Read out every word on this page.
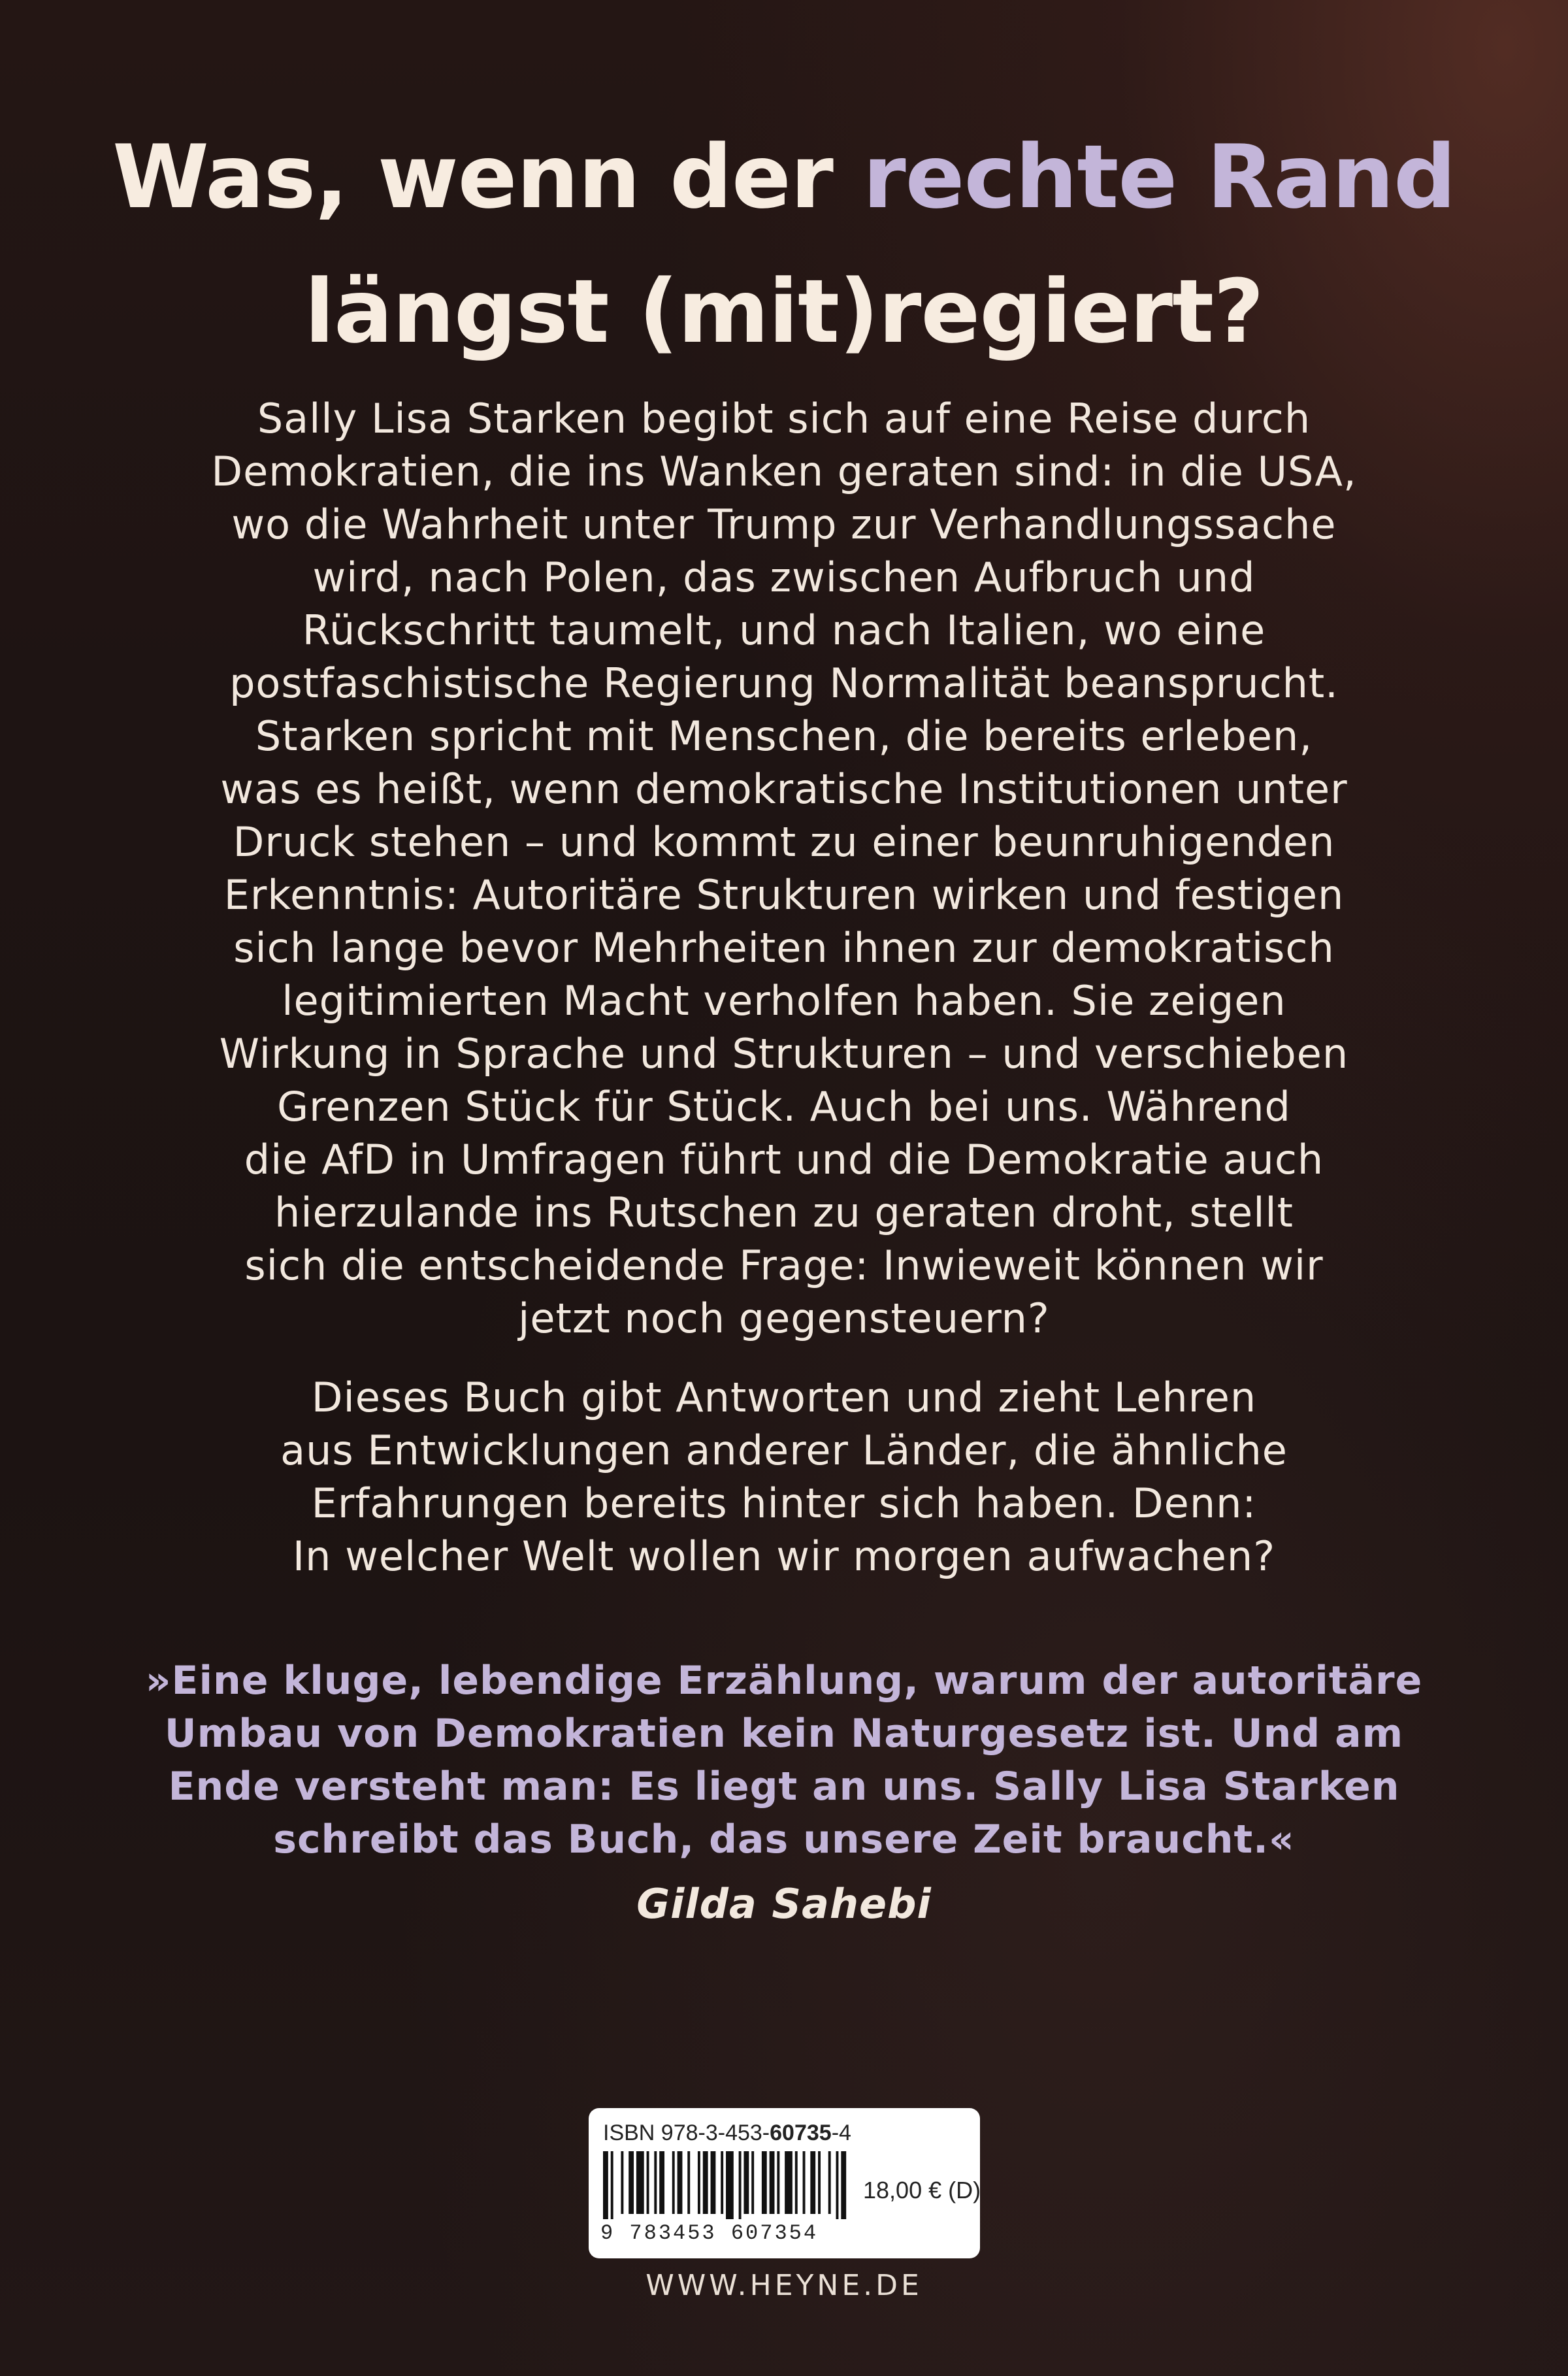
Was, wenn der rechte Rand
längst (mit)regiert?
Sally Lisa Starken begibt sich auf eine Reise durch
Demokratien, die ins Wanken geraten sind: in die USA,
wo die Wahrheit unter Trump zur Verhandlungssache
wird, nach Polen, das zwischen Aufbruch und
Rückschritt taumelt, und nach Italien, wo eine
postfaschistische Regierung Normalität beansprucht.
Starken spricht mit Menschen, die bereits erleben,
was es heißt, wenn demokratische Institutionen unter
Druck stehen – und kommt zu einer beunruhigenden
Erkenntnis: Autoritäre Strukturen wirken und festigen
sich lange bevor Mehrheiten ihnen zur demokratisch
legitimierten Macht verholfen haben. Sie zeigen
Wirkung in Sprache und Strukturen – und verschieben
Grenzen Stück für Stück. Auch bei uns. Während
die AfD in Umfragen führt und die Demokratie auch
hierzulande ins Rutschen zu geraten droht, stellt
sich die entscheidende Frage: Inwieweit können wir
jetzt noch gegensteuern?
Dieses Buch gibt Antworten und zieht Lehren
aus Entwicklungen anderer Länder, die ähnliche
Erfahrungen bereits hinter sich haben. Denn:
In welcher Welt wollen wir morgen aufwachen?
»Eine kluge, lebendige Erzählung, warum der autoritäre
Umbau von Demokratien kein Naturgesetz ist. Und am
Ende versteht man: Es liegt an uns. Sally Lisa Starken
schreibt das Buch, das unsere Zeit braucht.«
Gilda Sahebi
ISBN 978-3-453-60735-4
9 783453 607354
18,00 € (D)
WWW.HEYNE.DE
